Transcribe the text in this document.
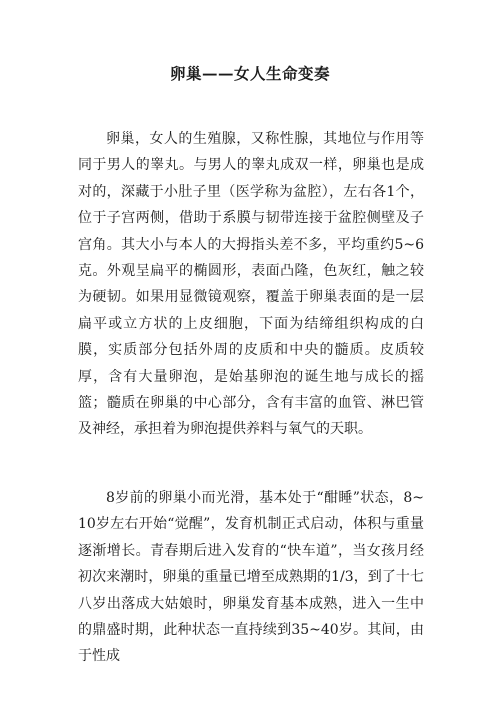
卵巢——女人生命变奏

卵巢，女人的生殖腺，又称性腺，其地位与作用等同于男人的睾丸。与男人的睾丸成双一样，卵巢也是成对的，深藏于小肚子里（医学称为盆腔），左右各1个，位于子宫两侧，借助于系膜与韧带连接于盆腔侧壁及子宫角。其大小与本人的大拇指头差不多，平均重约5~6克。外观呈扁平的椭圆形，表面凸隆，色灰红，触之较为硬韧。如果用显微镜观察，覆盖于卵巢表面的是一层扁平或立方状的上皮细胞，下面为结缔组织构成的白膜，实质部分包括外周的皮质和中央的髓质。皮质较厚，含有大量卵泡，是始基卵泡的诞生地与成长的摇篮；髓质在卵巢的中心部分，含有丰富的血管、淋巴管及神经，承担着为卵泡提供养料与氧气的天职。

8岁前的卵巢小而光滑，基本处于“酣睡”状态，8~10岁左右开始“觉醒”，发育机制正式启动，体积与重量逐渐增长。青春期后进入发育的“快车道”，当女孩月经初次来潮时，卵巢的重量已增至成熟期的1/3，到了十七八岁出落成大姑娘时，卵巢发育基本成熟，进入一生中的鼎盛时期，此种状态一直持续到35~40岁。其间，由于性成
